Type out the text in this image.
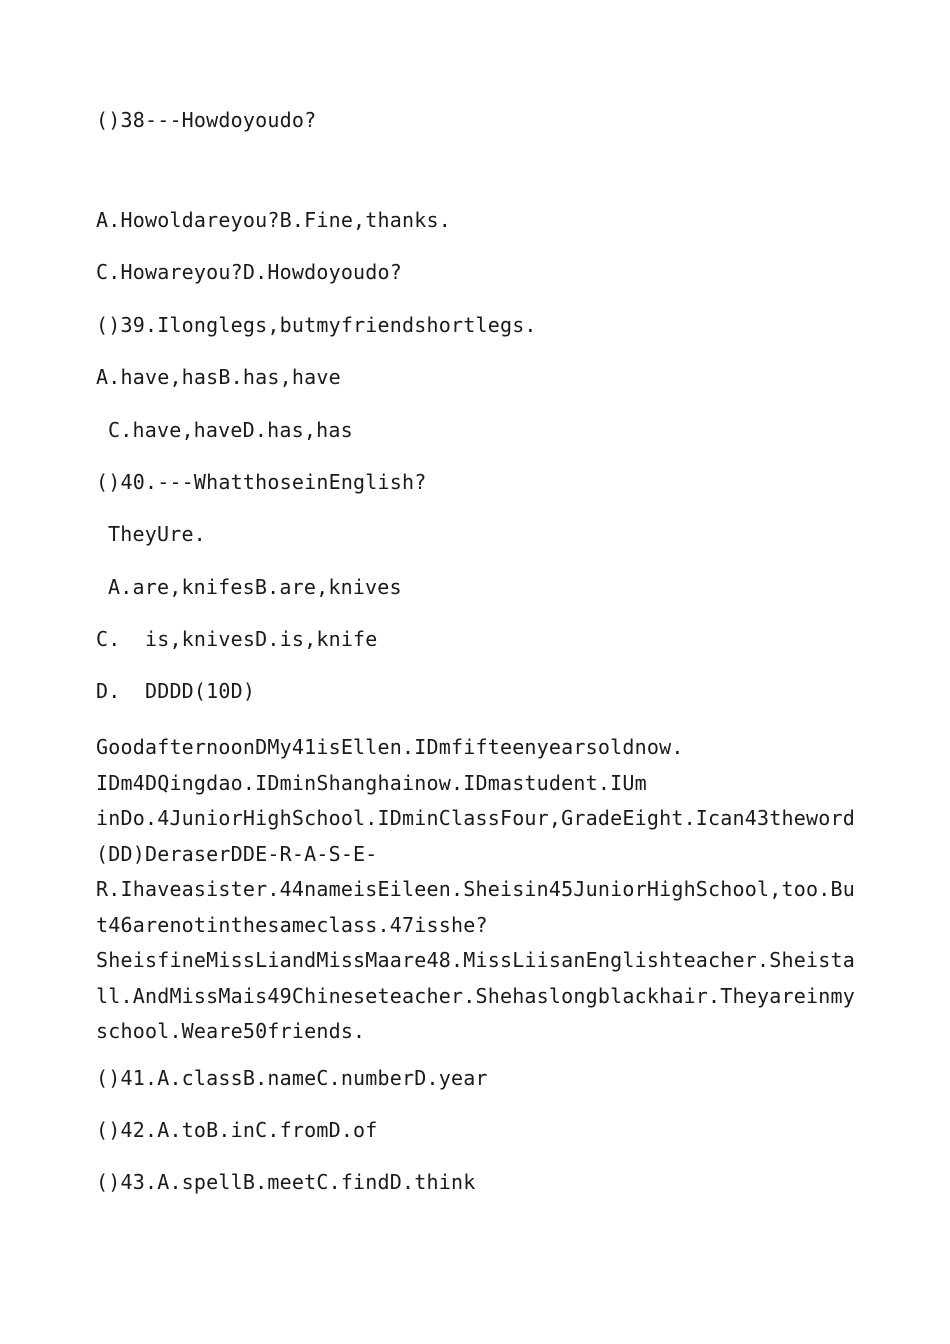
()38---Howdoyoudo?
A.Howoldareyou?B.Fine,thanks.
C.Howareyou?D.Howdoyoudo?
()39.Ilonglegs,butmyfriendshortlegs.
A.have,hasB.has,have
C.have,haveD.has,has
()40.---WhatthoseinEnglish?
TheyUre.
A.are,knifesB.are,knives
C.  is,knivesD.is,knife
D.  DDDD(10D)
GoodafternoonDMy41isEllen.IDmfifteenyearsoldnow.
IDm4DQingdao.IDminShanghainow.IDmastudent.IUm
inDo.4JuniorHighSchool.IDminClassFour,GradeEight.Ican43theword
(DD)DeraserDDE-R-A-S-E-
R.Ihaveasister.44nameisEileen.Sheisin45JuniorHighSchool,too.Bu
t46arenotinthesameclass.47isshe?
SheisfineMissLiandMissMaare48.MissLiisanEnglishteacher.Sheista
ll.AndMissMais49Chineseteacher.Shehaslongblackhair.Theyareinmy
school.Weare50friends.
()41.A.classB.nameC.numberD.year
()42.A.toB.inC.fromD.of
()43.A.spellB.meetC.findD.think
